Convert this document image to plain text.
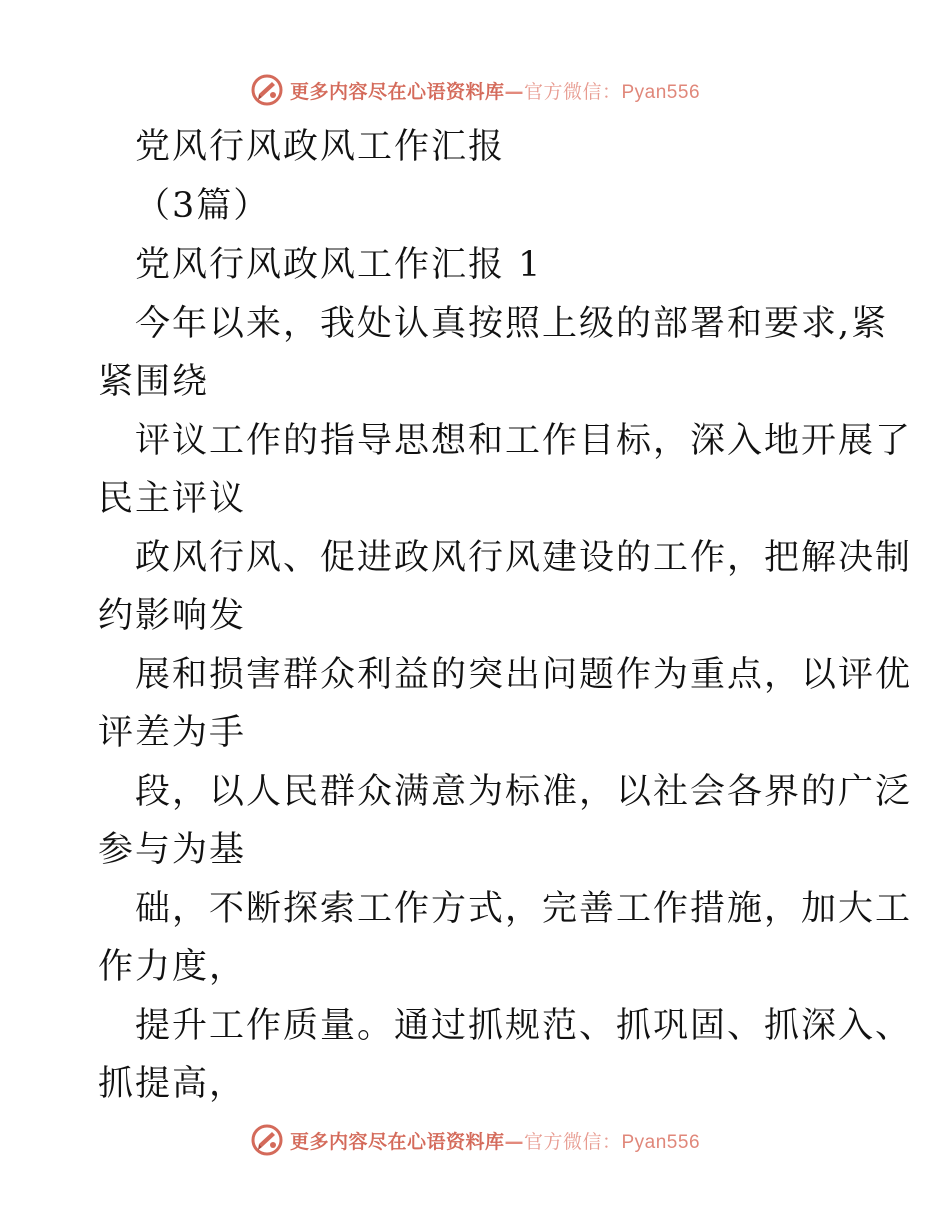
更多内容尽在心语资料库—官方微信：Pyan556
党风行风政风工作汇报
（3篇）
党风行风政风工作汇报 1
今年以来，我处认真按照上级的部署和要求,紧
紧围绕
评议工作的指导思想和工作目标，深入地开展了
民主评议
政风行风、促进政风行风建设的工作，把解决制
约影响发
展和损害群众利益的突出问题作为重点，以评优
评差为手
段，以人民群众满意为标准，以社会各界的广泛
参与为基
础，不断探索工作方式，完善工作措施，加大工
作力度，
提升工作质量。通过抓规范、抓巩固、抓深入、
抓提高，
更多内容尽在心语资料库—官方微信：Pyan556
